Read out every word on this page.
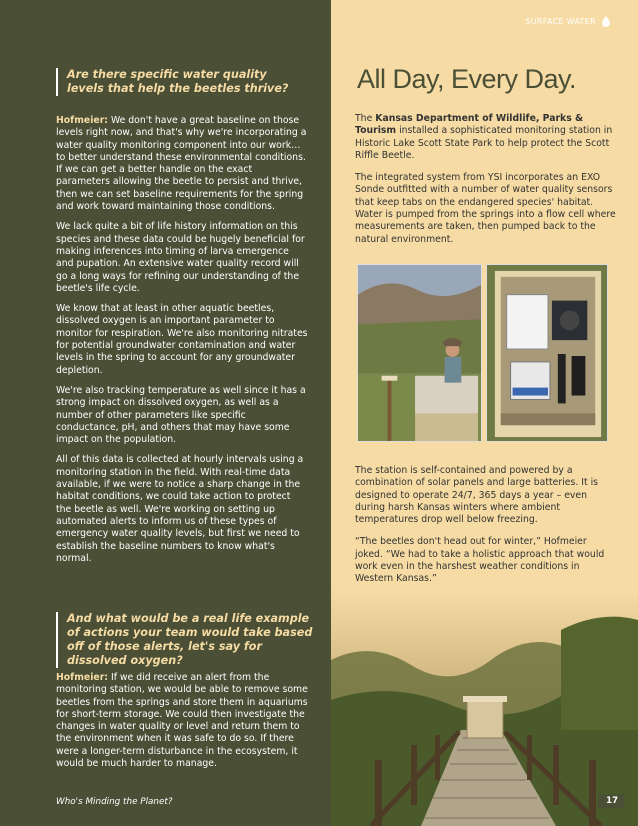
Are there specific water quality levels that help the beetles thrive?

Hofmeier: We don't have a great baseline on those levels right now, and that's why we're incorporating a water quality monitoring component into our work…to better understand these environmental conditions. If we can get a better handle on the exact parameters allowing the beetle to persist and thrive, then we can set baseline requirements for the spring and work toward maintaining those conditions.

We lack quite a bit of life history information on this species and these data could be hugely beneficial for making inferences into timing of larva emergence and pupation. An extensive water quality record will go a long ways for refining our understanding of the beetle's life cycle.

We know that at least in other aquatic beetles, dissolved oxygen is an important parameter to monitor for respiration. We're also monitoring nitrates for potential groundwater contamination and water levels in the spring to account for any groundwater depletion.

We're also tracking temperature as well since it has a strong impact on dissolved oxygen, as well as a number of other parameters like specific conductance, pH, and others that may have some impact on the population.

All of this data is collected at hourly intervals using a monitoring station in the field. With real-time data available, if we were to notice a sharp change in the habitat conditions, we could take action to protect the beetle as well. We're working on setting up automated alerts to inform us of these types of emergency water quality levels, but first we need to establish the baseline numbers to know what's normal.

And what would be a real life example of actions your team would take based off of those alerts, let's say for dissolved oxygen?

Hofmeier: If we did receive an alert from the monitoring station, we would be able to remove some beetles from the springs and store them in aquariums for short-term storage. We could then investigate the changes in water quality or level and return them to the environment when it was safe to do so. If there were a longer-term disturbance in the ecosystem, it would be much harder to manage.

Who's Minding the Planet?
SURFACE WATER
All Day, Every Day.

The Kansas Department of Wildlife, Parks & Tourism installed a sophisticated monitoring station in Historic Lake Scott State Park to help protect the Scott Riffle Beetle.

The integrated system from YSI incorporates an EXO Sonde outfitted with a number of water quality sensors that keep tabs on the endangered species' habitat. Water is pumped from the springs into a flow cell where measurements are taken, then pumped back to the natural environment.

The station is self-contained and powered by a combination of solar panels and large batteries. It is designed to operate 24/7, 365 days a year – even during harsh Kansas winters where ambient temperatures drop well below freezing.

“The beetles don't head out for winter,” Hofmeier joked. “We had to take a holistic approach that would work even in the harshest weather conditions in Western Kansas.”

17
